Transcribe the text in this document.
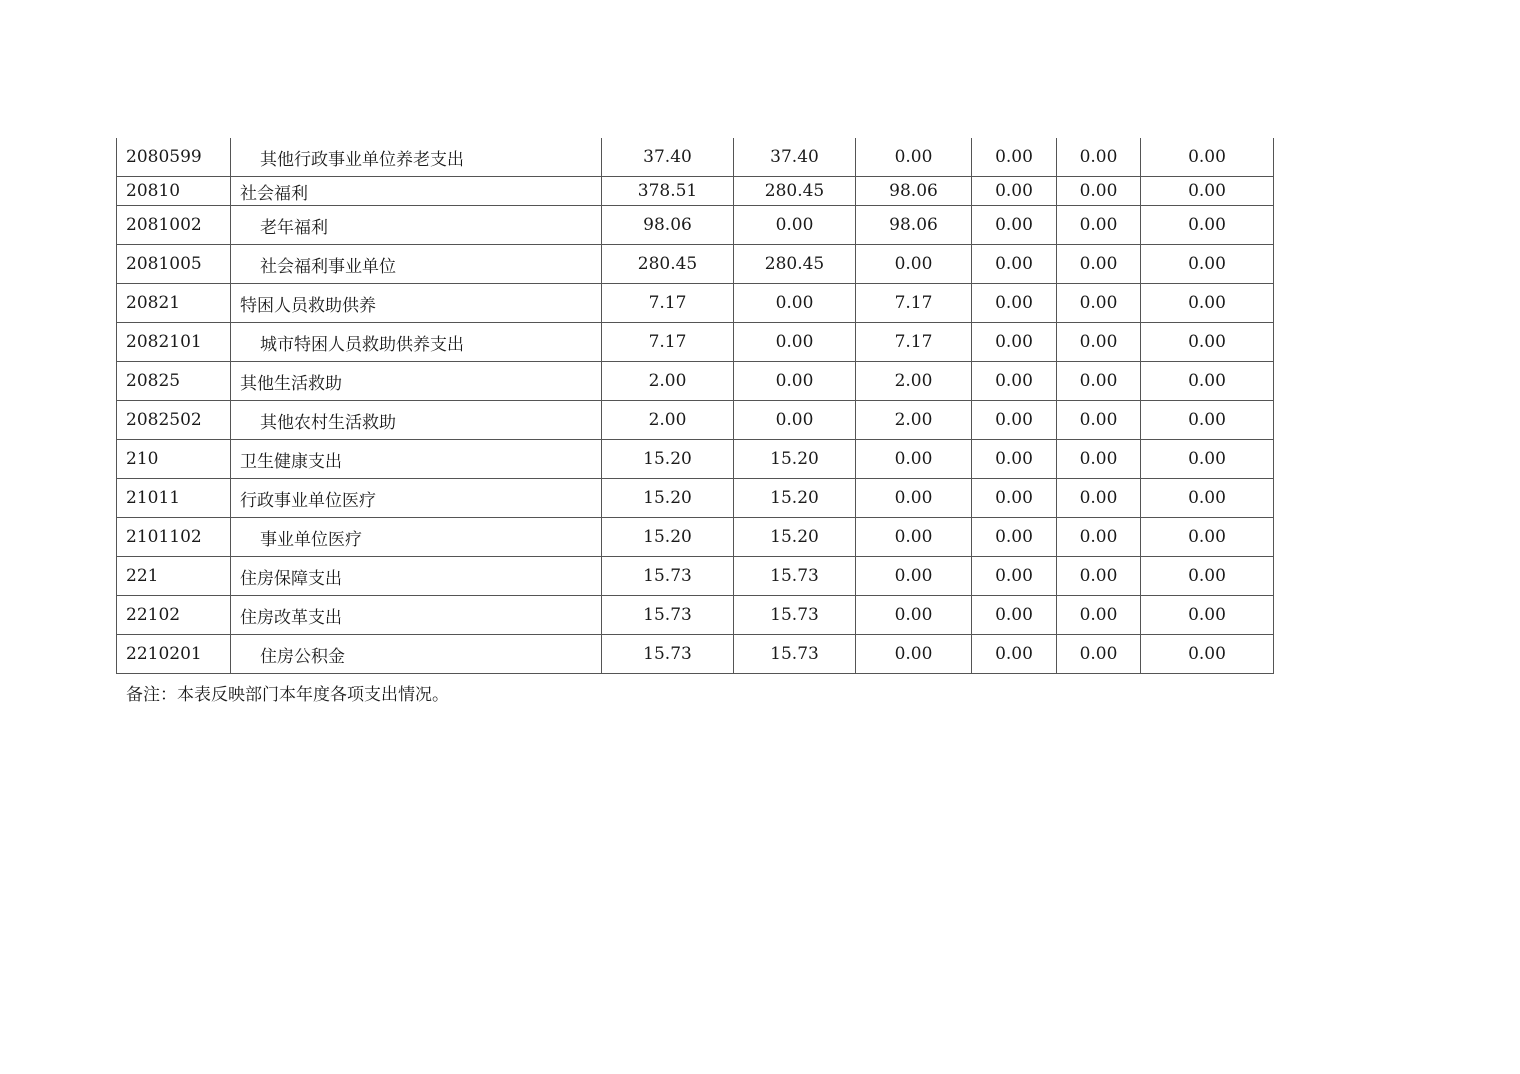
2080599	其他行政事业单位养老支出	37.40	37.40	0.00	0.00	0.00	0.00
20810	社会福利	378.51	280.45	98.06	0.00	0.00	0.00
2081002	老年福利	98.06	0.00	98.06	0.00	0.00	0.00
2081005	社会福利事业单位	280.45	280.45	0.00	0.00	0.00	0.00
20821	特困人员救助供养	7.17	0.00	7.17	0.00	0.00	0.00
2082101	城市特困人员救助供养支出	7.17	0.00	7.17	0.00	0.00	0.00
20825	其他生活救助	2.00	0.00	2.00	0.00	0.00	0.00
2082502	其他农村生活救助	2.00	0.00	2.00	0.00	0.00	0.00
210	卫生健康支出	15.20	15.20	0.00	0.00	0.00	0.00
21011	行政事业单位医疗	15.20	15.20	0.00	0.00	0.00	0.00
2101102	事业单位医疗	15.20	15.20	0.00	0.00	0.00	0.00
221	住房保障支出	15.73	15.73	0.00	0.00	0.00	0.00
22102	住房改革支出	15.73	15.73	0.00	0.00	0.00	0.00
2210201	住房公积金	15.73	15.73	0.00	0.00	0.00	0.00

备注：本表反映部门本年度各项支出情况。
